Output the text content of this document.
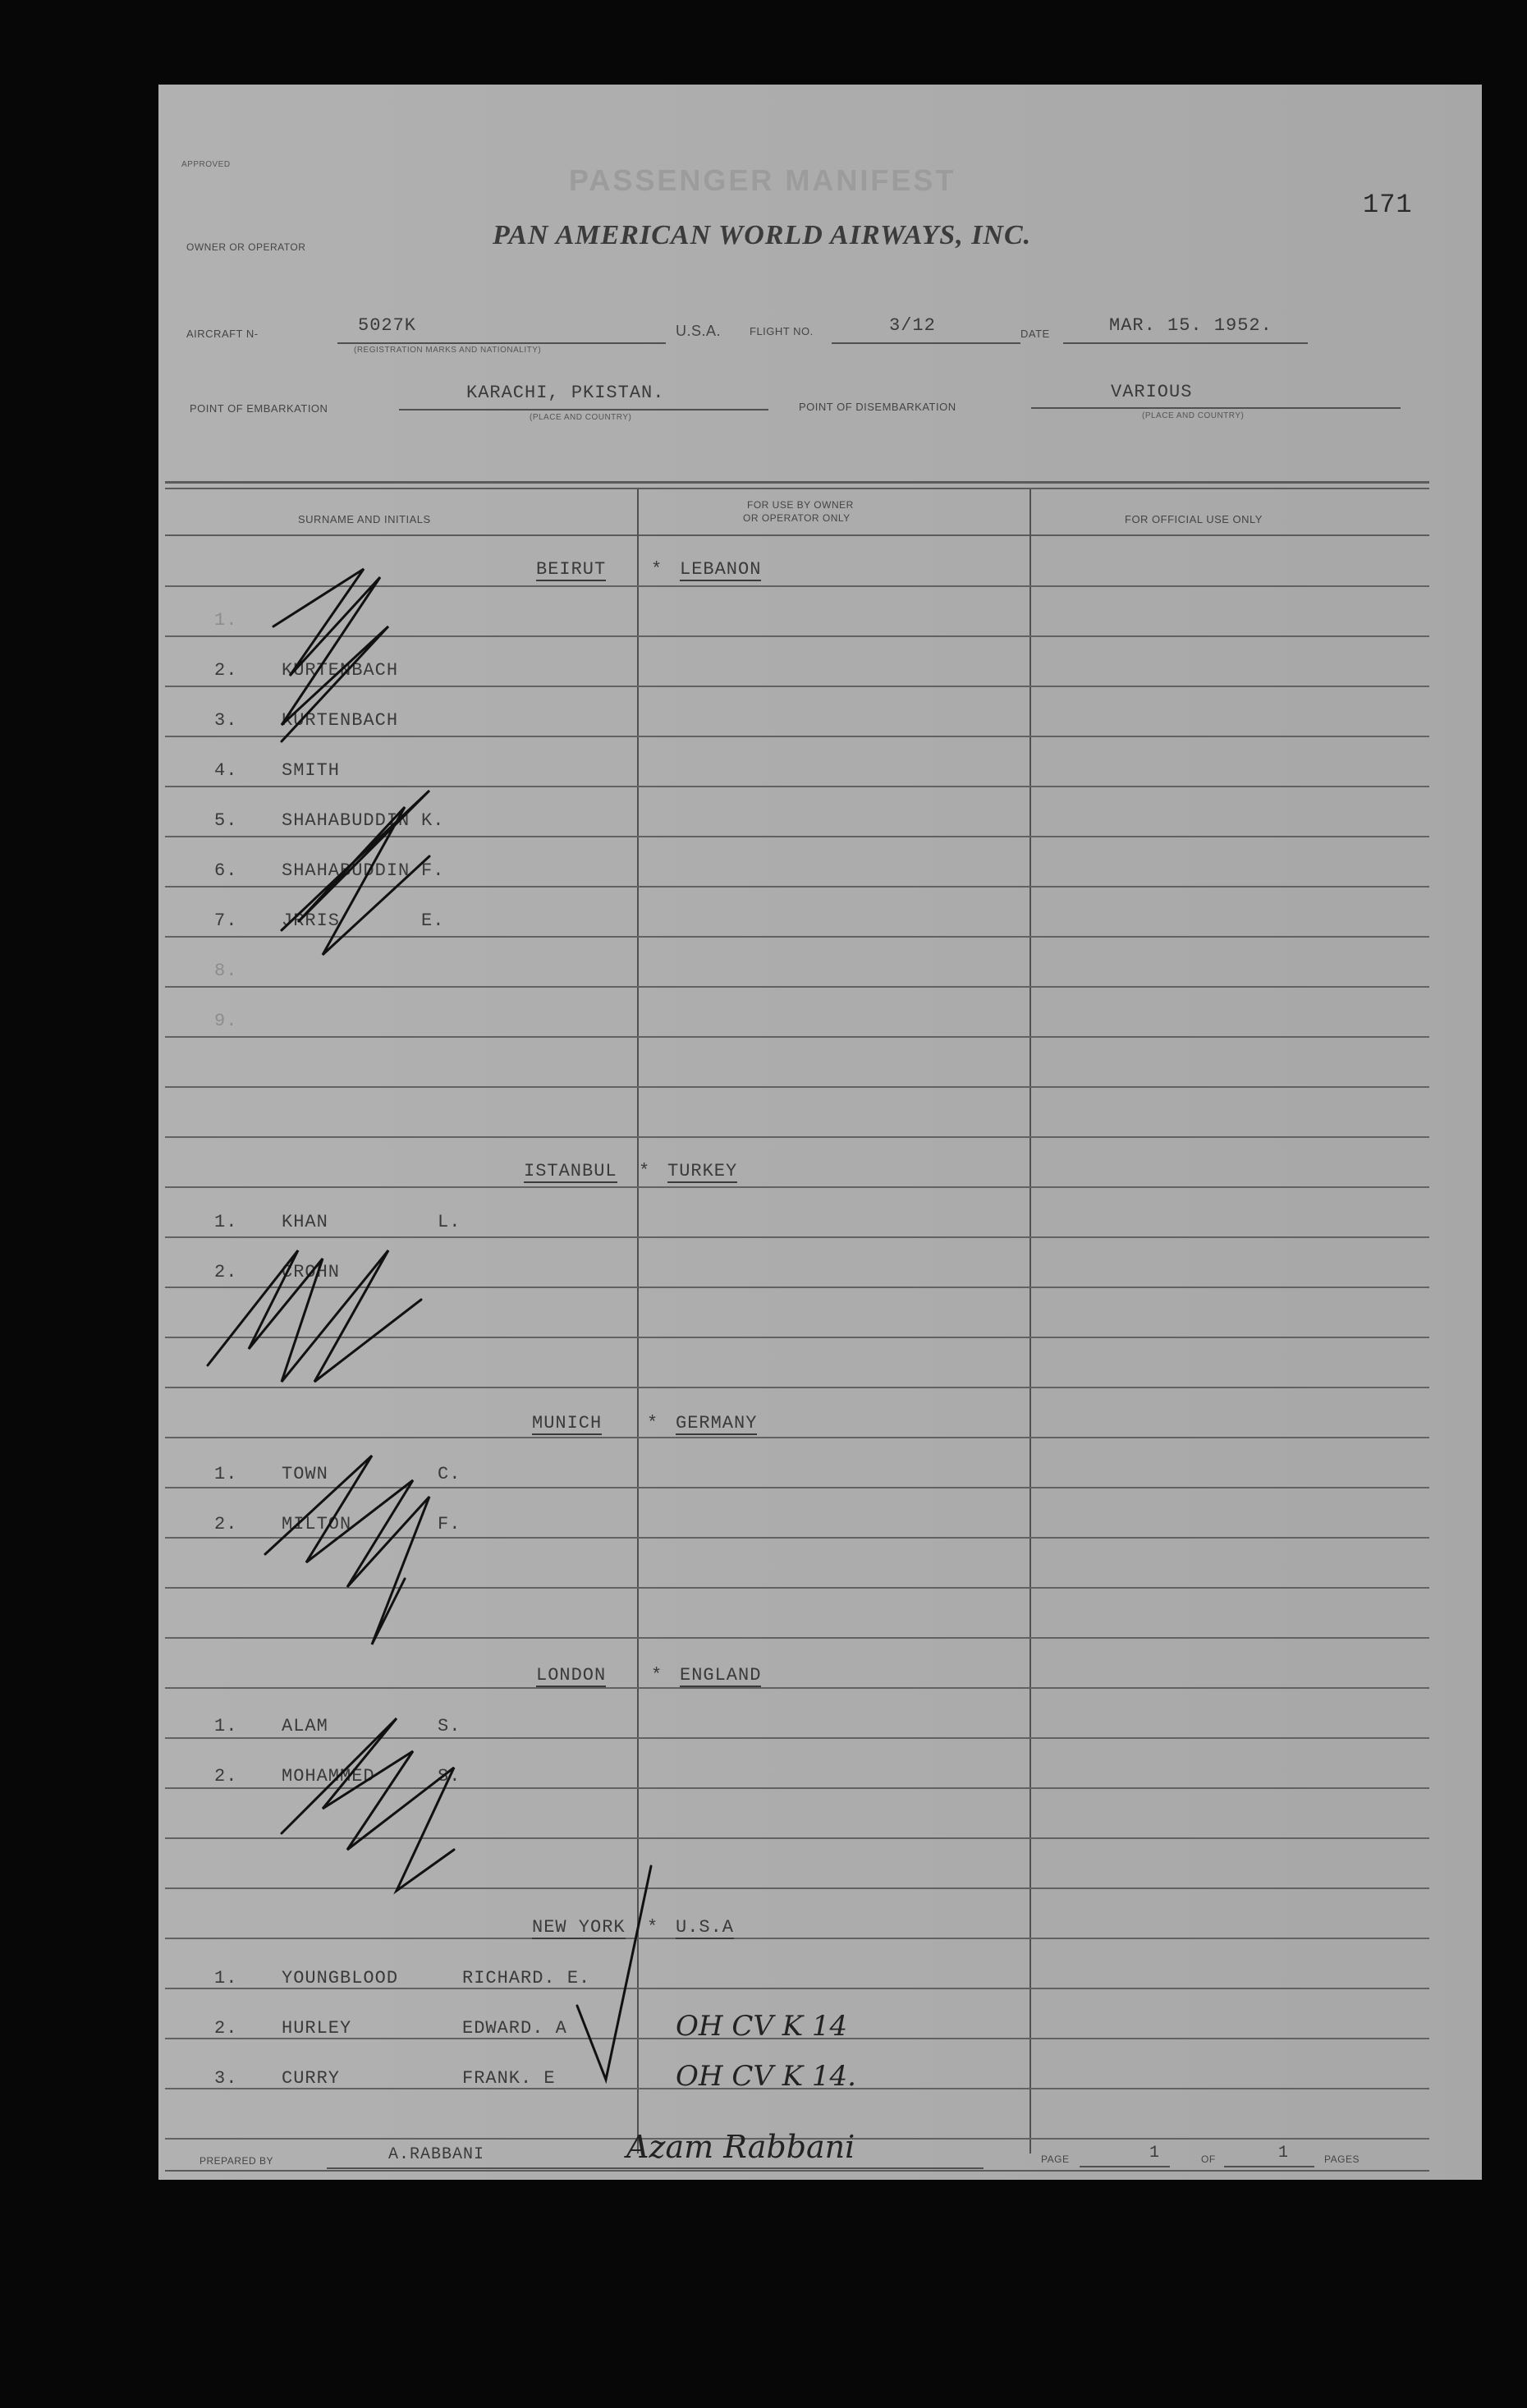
APPROVED	PASSENGER MANIFEST
171
OWNER OR OPERATOR	PAN AMERICAN WORLD AIRWAYS, INC.
AIRCRAFT N-	5027K
(REGISTRATION MARKS AND NATIONALITY)
U.S.A.	FLIGHT NO.	3/12	DATE	MAR. 15. 1952.
POINT OF EMBARKATION
KARACHI, PKISTAN.
(PLACE AND COUNTRY)
POINT OF DISEMBARKATION
VARIOUS
(PLACE AND COUNTRY)
SURNAME AND INITIALS
FOR USE BY OWNER
OR OPERATOR ONLY	FOR OFFICIAL USE ONLY
BEIRUT * LEBANON
1.
2. KURTENBACH
3. KURTENBACH
4. SMITH
5. SHAHABUDDIN K.
6. SHAHABUDDIN F.
7. JRRIS	E.
8.
9.
ISTANBUL * TURKEY
1. KHAN	L.
2. CROHN
MUNICH * GERMANY
1. TOWN	C.
2. MILTON	F.
LONDON * ENGLAND
1. ALAM	S.
2. MOHAMMED	S.
NEW YORK * U.S.A
1. YOUNGBLOOD	RICHARD. E.
2. HURLEY	EDWARD. A	OH CV K 14
3. CURRY	FRANK. E	OH CV K 14.
PREPARED BY	A.RABBANI	Azam Rabbani	PAGE	1	OF	1	PAGES
